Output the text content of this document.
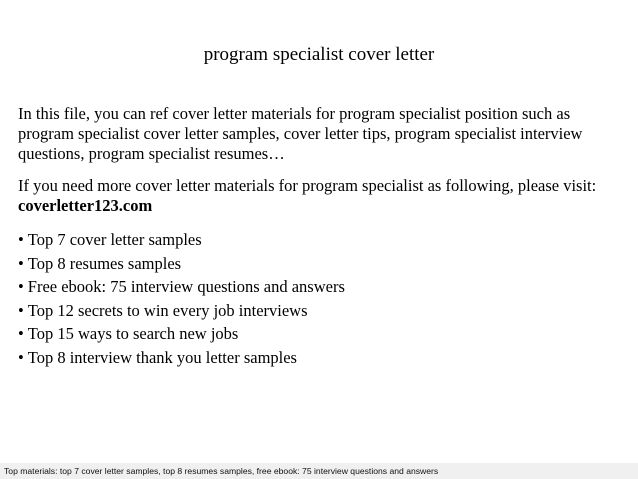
program specialist cover letter

In this file, you can ref cover letter materials for program specialist position such as program specialist cover letter samples, cover letter tips, program specialist interview questions, program specialist resumes…

If you need more cover letter materials for program specialist as following, please visit: coverletter123.com

• Top 7 cover letter samples
• Top 8 resumes samples
• Free ebook: 75 interview questions and answers
• Top 12 secrets to win every job interviews
• Top 15 ways to search new jobs
• Top 8 interview thank you letter samples
Top materials: top 7 cover letter samples, top 8 resumes samples, free ebook: 75 interview questions and answers
